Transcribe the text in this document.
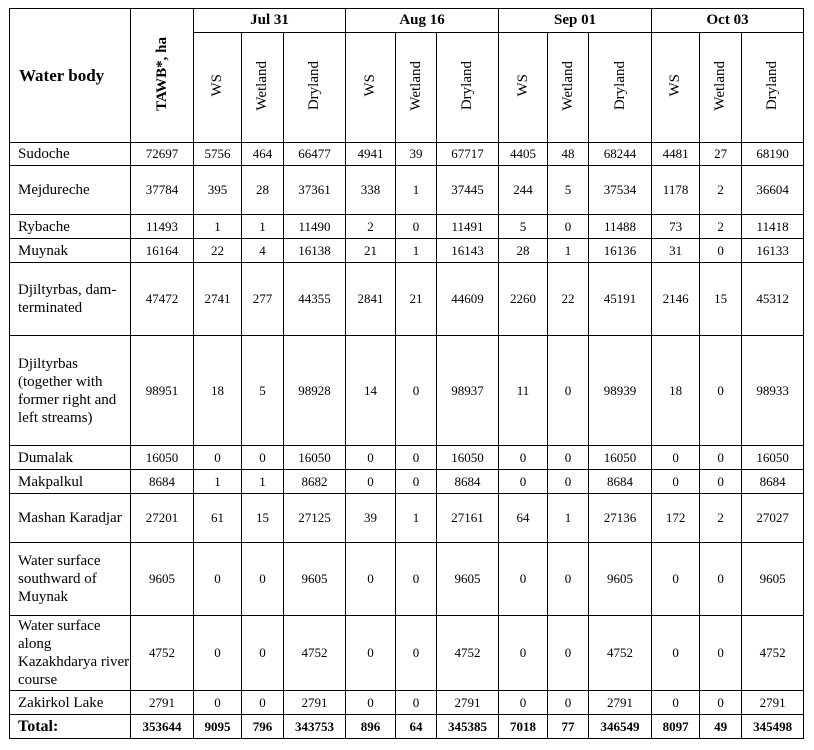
Water body	TAWB*, ha	Jul 31			Aug 16			Sep 01			Oct 03		
		WS	Wetland	Dryland	WS	Wetland	Dryland	WS	Wetland	Dryland	WS	Wetland	Dryland
Sudoche	72697	5756	464	66477	4941	39	67717	4405	48	68244	4481	27	68190
Mejdureche	37784	395	28	37361	338	1	37445	244	5	37534	1178	2	36604
Rybache	11493	1	1	11490	2	0	11491	5	0	11488	73	2	11418
Muynak	16164	22	4	16138	21	1	16143	28	1	16136	31	0	16133
Djiltyrbas, dam-terminated	47472	2741	277	44355	2841	21	44609	2260	22	45191	2146	15	45312
Djiltyrbas (together with former right and left streams)	98951	18	5	98928	14	0	98937	11	0	98939	18	0	98933
Dumalak	16050	0	0	16050	0	0	16050	0	0	16050	0	0	16050
Makpalkul	8684	1	1	8682	0	0	8684	0	0	8684	0	0	8684
Mashan Karadjar	27201	61	15	27125	39	1	27161	64	1	27136	172	2	27027
Water surface southward of Muynak	9605	0	0	9605	0	0	9605	0	0	9605	0	0	9605
Water surface along Kazakhdarya river course	4752	0	0	4752	0	0	4752	0	0	4752	0	0	4752
Zakirkol Lake	2791	0	0	2791	0	0	2791	0	0	2791	0	0	2791
Total:	353644	9095	796	343753	896	64	345385	7018	77	346549	8097	49	345498
